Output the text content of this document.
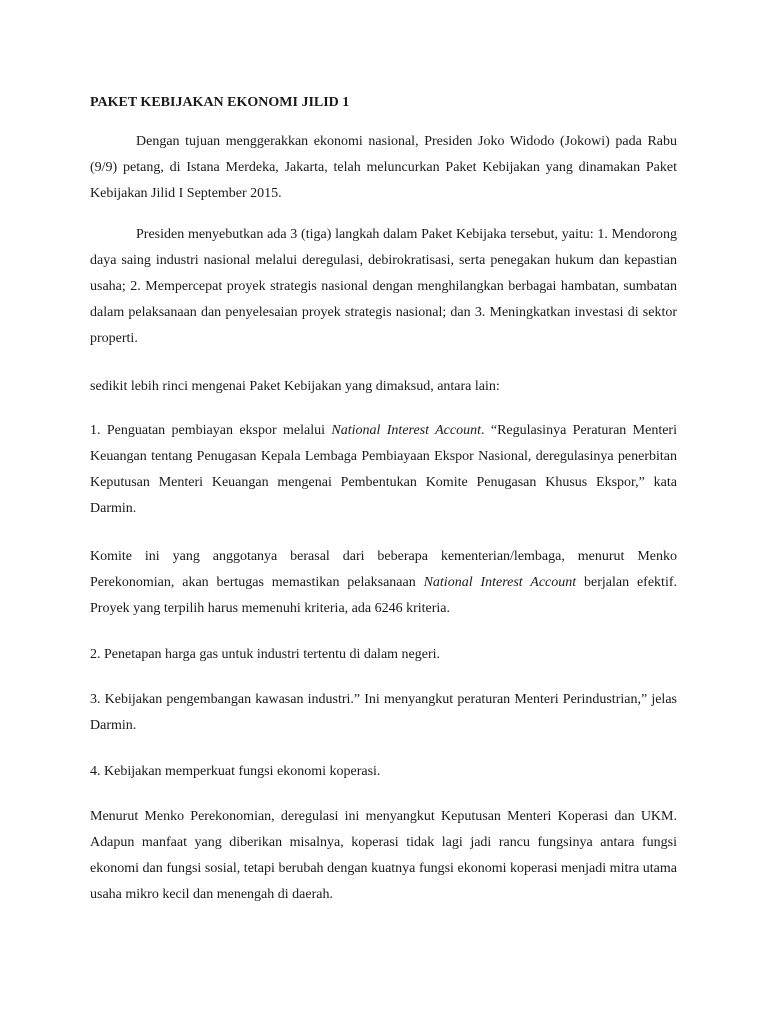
PAKET KEBIJAKAN EKONOMI JILID 1

Dengan tujuan menggerakkan ekonomi nasional, Presiden Joko Widodo (Jokowi) pada Rabu (9/9) petang, di Istana Merdeka, Jakarta, telah meluncurkan Paket Kebijakan yang dinamakan Paket Kebijakan Jilid I September 2015.

Presiden menyebutkan ada 3 (tiga) langkah dalam Paket Kebijaka tersebut, yaitu: 1. Mendorong daya saing industri nasional melalui deregulasi, debirokratisasi, serta penegakan hukum dan kepastian usaha; 2. Mempercepat proyek strategis nasional dengan menghilangkan berbagai hambatan, sumbatan dalam pelaksanaan dan penyelesaian proyek strategis nasional; dan 3. Meningkatkan investasi di sektor properti.

sedikit lebih rinci mengenai Paket Kebijakan yang dimaksud, antara lain:

1. Penguatan pembiayan ekspor melalui National Interest Account. “Regulasinya Peraturan Menteri Keuangan tentang Penugasan Kepala Lembaga Pembiayaan Ekspor Nasional, deregulasinya penerbitan Keputusan Menteri Keuangan mengenai Pembentukan Komite Penugasan Khusus Ekspor,” kata Darmin.

Komite ini yang anggotanya berasal dari beberapa kementerian/lembaga, menurut Menko Perekonomian, akan bertugas memastikan pelaksanaan National Interest Account berjalan efektif. Proyek yang terpilih harus memenuhi kriteria, ada 6246 kriteria.

2. Penetapan harga gas untuk industri tertentu di dalam negeri.

3. Kebijakan pengembangan kawasan industri.” Ini menyangkut peraturan Menteri Perindustrian,” jelas Darmin.

4. Kebijakan memperkuat fungsi ekonomi koperasi.

Menurut Menko Perekonomian, deregulasi ini menyangkut Keputusan Menteri Koperasi dan UKM. Adapun manfaat yang diberikan misalnya, koperasi tidak lagi jadi rancu fungsinya antara fungsi ekonomi dan fungsi sosial, tetapi berubah dengan kuatnya fungsi ekonomi koperasi menjadi mitra utama usaha mikro kecil dan menengah di daerah.
